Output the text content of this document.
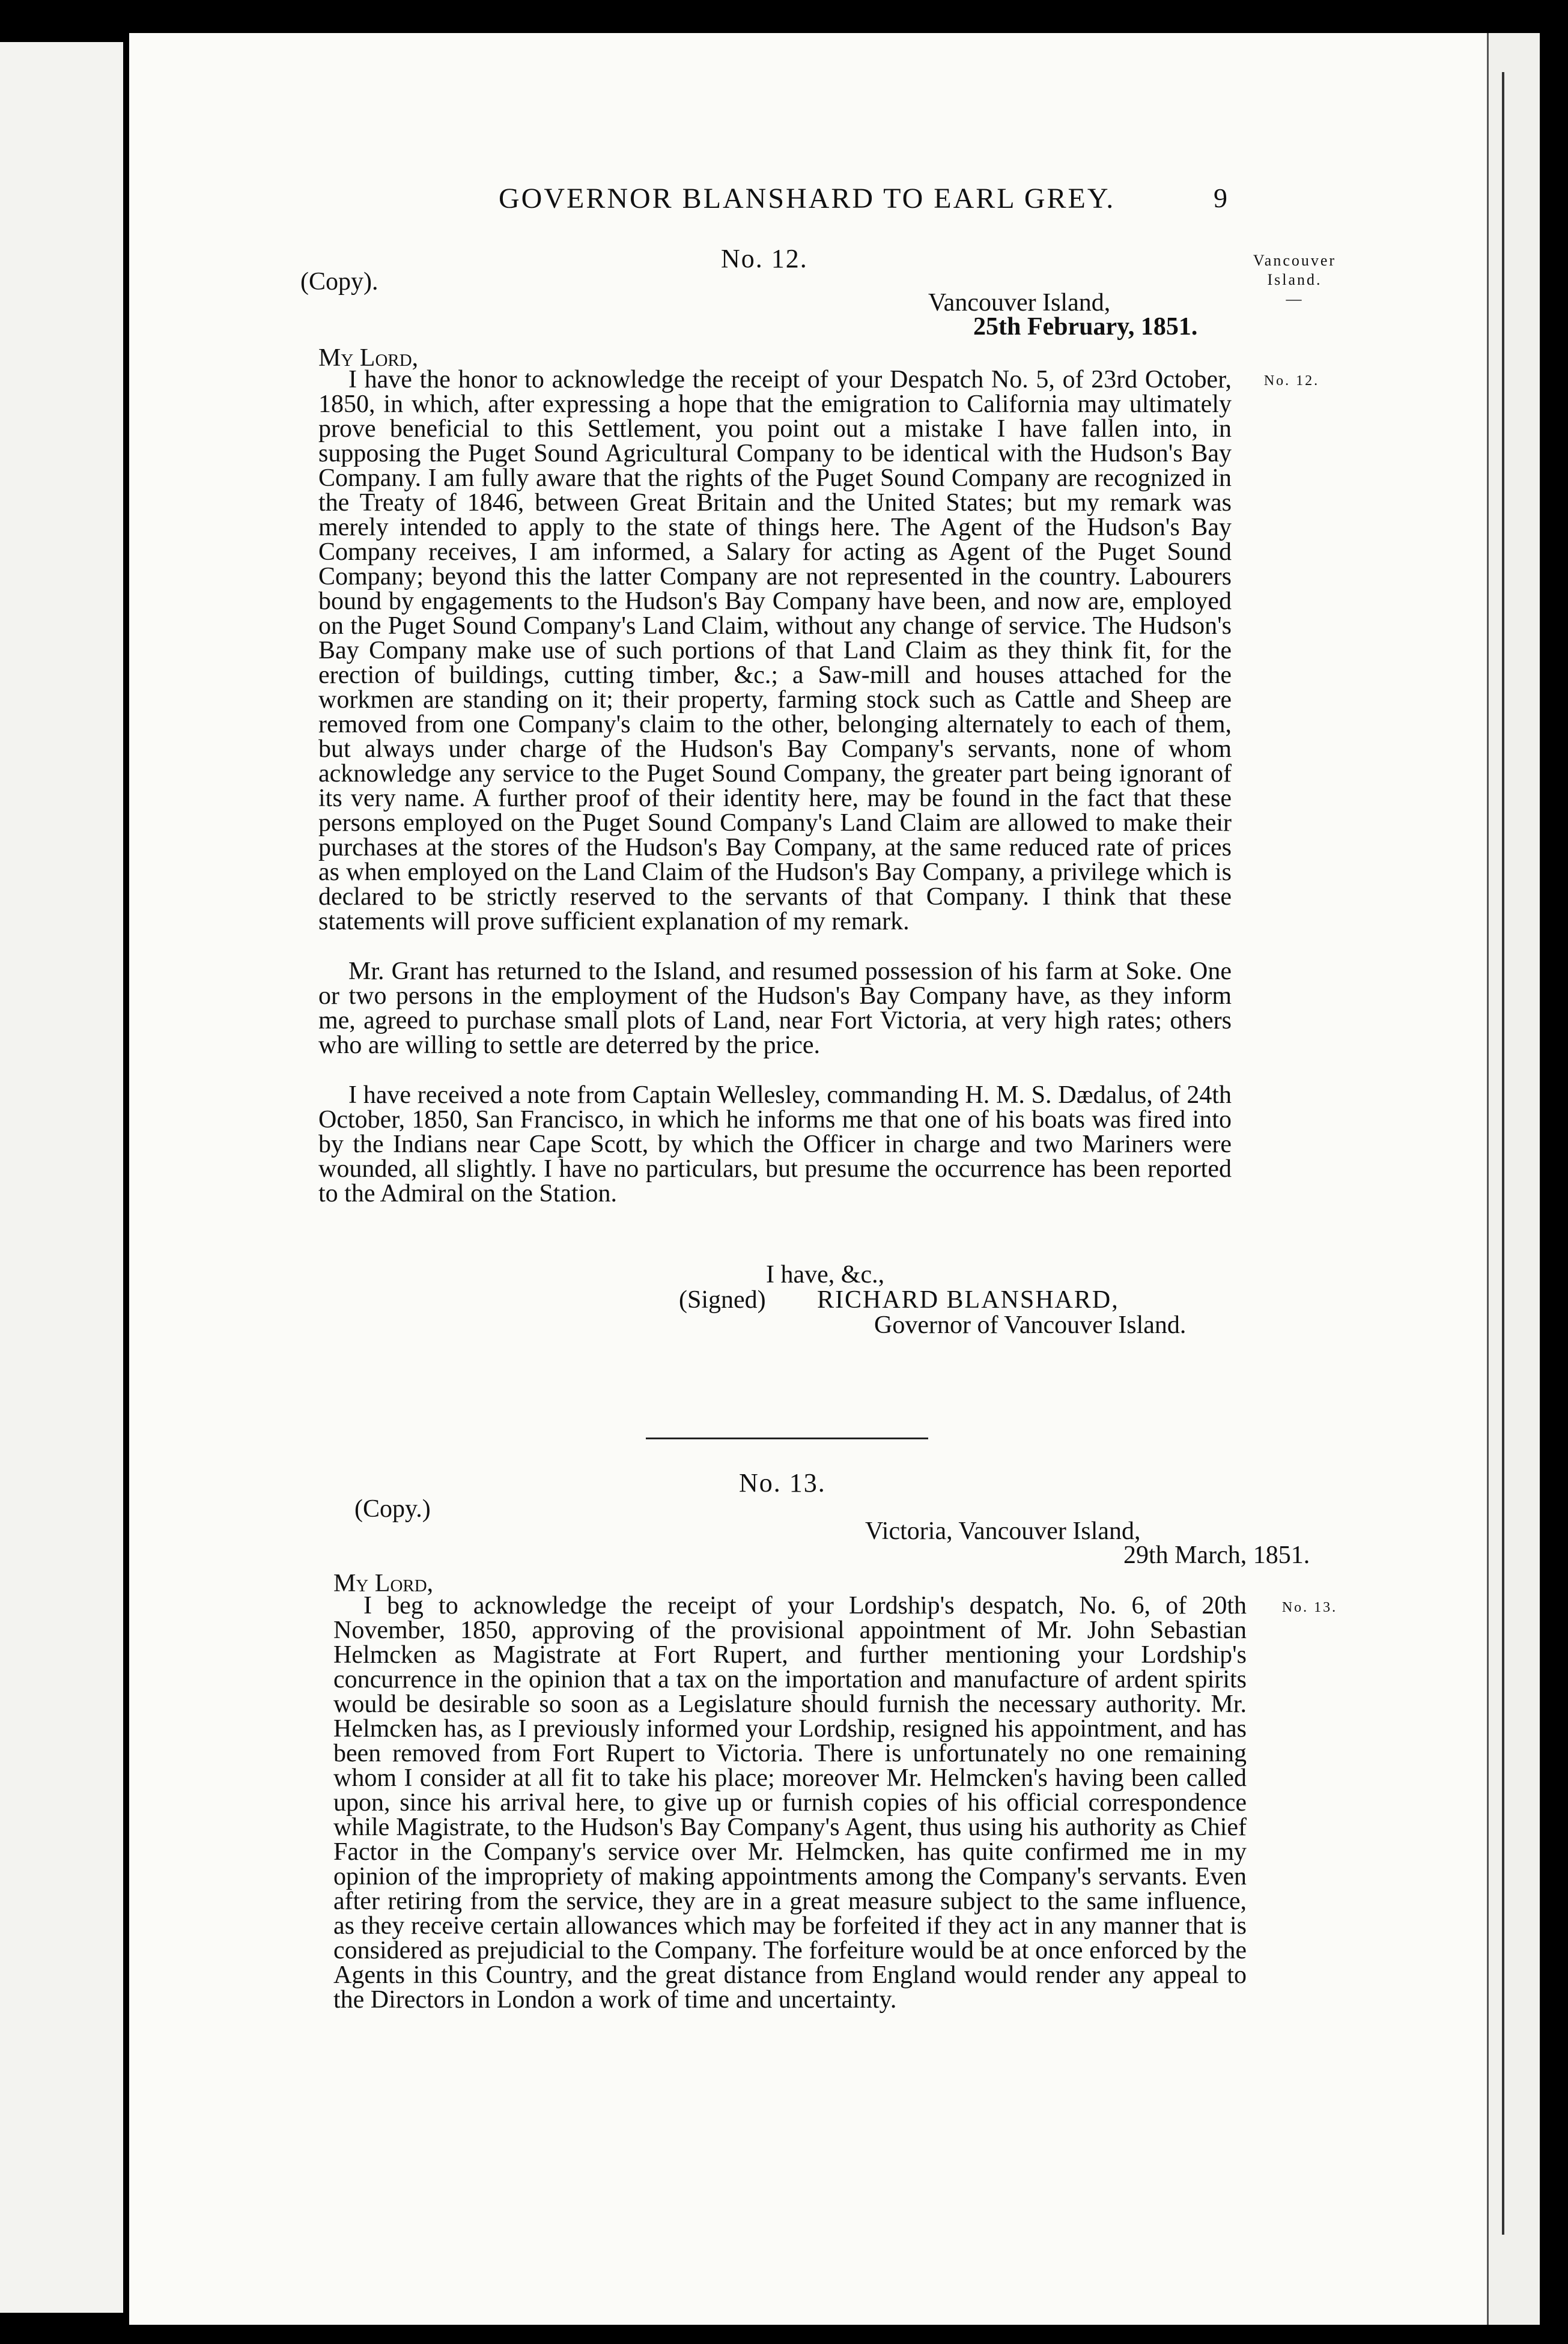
GOVERNOR BLANSHARD TO EARL GREY.	9
Vancouver
Island.
—
No. 12.
(Copy).
Vancouver Island,
25th February, 1851.
My Lord,
No. 12.

I have the honor to acknowledge the receipt of your Despatch No. 5, of 23rd October, 1850, in which, after expressing a hope that the emigration to California may ultimately prove beneficial to this Settlement, you point out a mistake I have fallen into, in supposing the Puget Sound Agricultural Company to be identical with the Hudson's Bay Company. I am fully aware that the rights of the Puget Sound Company are recognized in the Treaty of 1846, between Great Britain and the United States; but my remark was merely intended to apply to the state of things here. The Agent of the Hudson's Bay Company receives, I am informed, a Salary for acting as Agent of the Puget Sound Company; beyond this the latter Company are not represented in the country. Labourers bound by engagements to the Hudson's Bay Company have been, and now are, employed on the Puget Sound Company's Land Claim, without any change of service. The Hudson's Bay Company make use of such portions of that Land Claim as they think fit, for the erection of buildings, cutting timber, &c.; a Saw-mill and houses attached for the workmen are standing on it; their property, farming stock such as Cattle and Sheep are removed from one Company's claim to the other, belonging alternately to each of them, but always under charge of the Hudson's Bay Company's servants, none of whom acknowledge any service to the Puget Sound Company, the greater part being ignorant of its very name. A further proof of their identity here, may be found in the fact that these persons employed on the Puget Sound Company's Land Claim are allowed to make their purchases at the stores of the Hudson's Bay Company, at the same reduced rate of prices as when employed on the Land Claim of the Hudson's Bay Company, a privilege which is declared to be strictly reserved to the servants of that Company. I think that these statements will prove sufficient explanation of my remark.

Mr. Grant has returned to the Island, and resumed possession of his farm at Soke. One or two persons in the employment of the Hudson's Bay Company have, as they inform me, agreed to purchase small plots of Land, near Fort Victoria, at very high rates; others who are willing to settle are deterred by the price.

I have received a note from Captain Wellesley, commanding H. M. S. Dædalus, of 24th October, 1850, San Francisco, in which he informs me that one of his boats was fired into by the Indians near Cape Scott, by which the Officer in charge and two Mariners were wounded, all slightly. I have no particulars, but presume the occurrence has been reported to the Admiral on the Station.

I have, &c.,
(Signed) RICHARD BLANSHARD,
Governor of Vancouver Island.
No. 13.
(Copy.)
Victoria, Vancouver Island,
29th March, 1851.
My Lord,
No. 13.

I beg to acknowledge the receipt of your Lordship's despatch, No. 6, of 20th November, 1850, approving of the provisional appointment of Mr. John Sebastian Helmcken as Magistrate at Fort Rupert, and further mentioning your Lordship's concurrence in the opinion that a tax on the importation and manufacture of ardent spirits would be desirable so soon as a Legislature should furnish the necessary authority. Mr. Helmcken has, as I previously informed your Lordship, resigned his appointment, and has been removed from Fort Rupert to Victoria. There is unfortunately no one remaining whom I consider at all fit to take his place; moreover Mr. Helmcken's having been called upon, since his arrival here, to give up or furnish copies of his official correspondence while Magistrate, to the Hudson's Bay Company's Agent, thus using his authority as Chief Factor in the Company's service over Mr. Helmcken, has quite confirmed me in my opinion of the impropriety of making appointments among the Company's servants. Even after retiring from the service, they are in a great measure subject to the same influence, as they receive certain allowances which may be forfeited if they act in any manner that is considered as prejudicial to the Company. The forfeiture would be at once enforced by the Agents in this Country, and the great distance from England would render any appeal to the Directors in London a work of time and uncertainty.
